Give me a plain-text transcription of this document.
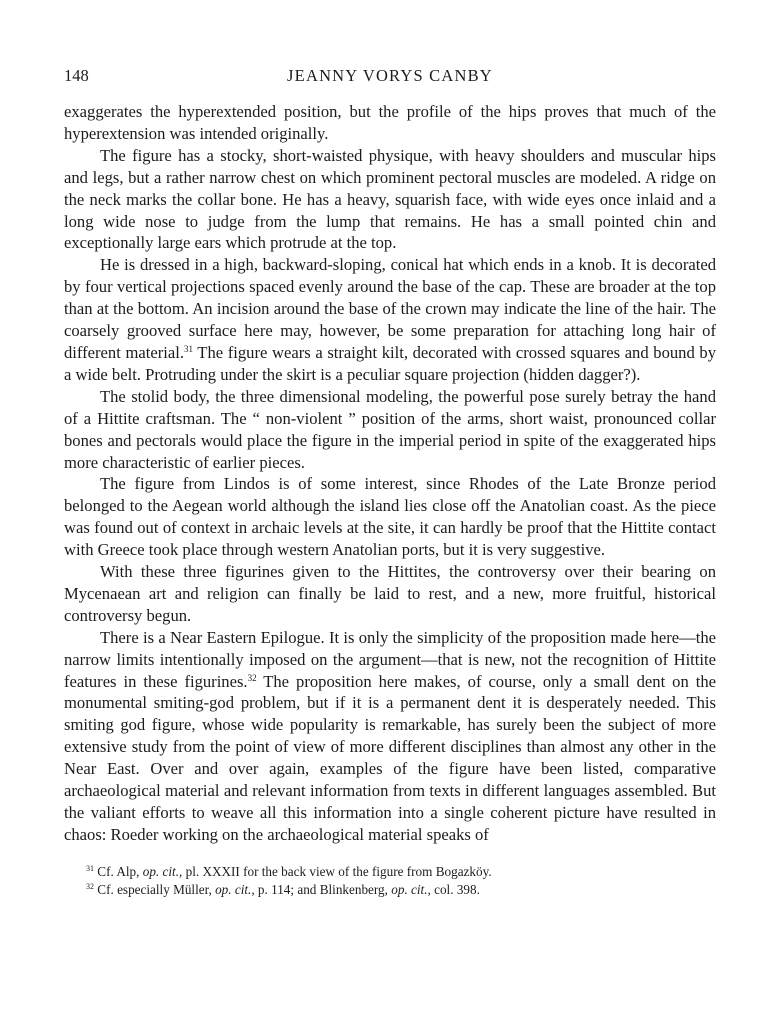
148	JEANNY VORYS CANBY

exaggerates the hyperextended position, but the profile of the hips proves that much of the hyperextension was intended originally.

The figure has a stocky, short-waisted physique, with heavy shoulders and muscular hips and legs, but a rather narrow chest on which prominent pectoral muscles are modeled. A ridge on the neck marks the collar bone. He has a heavy, squarish face, with wide eyes once inlaid and a long wide nose to judge from the lump that remains. He has a small pointed chin and exceptionally large ears which protrude at the top.

He is dressed in a high, backward-sloping, conical hat which ends in a knob. It is decorated by four vertical projections spaced evenly around the base of the cap. These are broader at the top than at the bottom. An incision around the base of the crown may indicate the line of the hair. The coarsely grooved surface here may, however, be some preparation for attaching long hair of different material.$^{31}$ The figure wears a straight kilt, decorated with crossed squares and bound by a wide belt. Protruding under the skirt is a peculiar square projection (hidden dagger?).

The stolid body, the three dimensional modeling, the powerful pose surely betray the hand of a Hittite craftsman. The “ non-violent ” position of the arms, short waist, pronounced collar bones and pectorals would place the figure in the imperial period in spite of the exaggerated hips more characteristic of earlier pieces.

The figure from Lindos is of some interest, since Rhodes of the Late Bronze period belonged to the Aegean world although the island lies close off the Anatolian coast. As the piece was found out of context in archaic levels at the site, it can hardly be proof that the Hittite contact with Greece took place through western Anatolian ports, but it is very suggestive.

With these three figurines given to the Hittites, the controversy over their bearing on Mycenaean art and religion can finally be laid to rest, and a new, more fruitful, historical controversy begun.

There is a Near Eastern Epilogue. It is only the simplicity of the proposition made here—the narrow limits intentionally imposed on the argument—that is new, not the recognition of Hittite features in these figurines.$^{32}$ The proposition here makes, of course, only a small dent on the monumental smiting-god problem, but if it is a permanent dent it is desperately needed. This smiting god figure, whose wide popularity is remarkable, has surely been the subject of more extensive study from the point of view of more different disciplines than almost any other in the Near East. Over and over again, examples of the figure have been listed, comparative archaeological material and relevant information from texts in different languages assembled. But the valiant efforts to weave all this information into a single coherent picture have resulted in chaos: Roeder working on the archaeological material speaks of

$^{31}$ Cf. Alp, op. cit., pl. XXXII for the back view of the figure from Bogazköy.

$^{32}$ Cf. especially Müller, op. cit., p. 114; and Blinkenberg, op. cit., col. 398.
